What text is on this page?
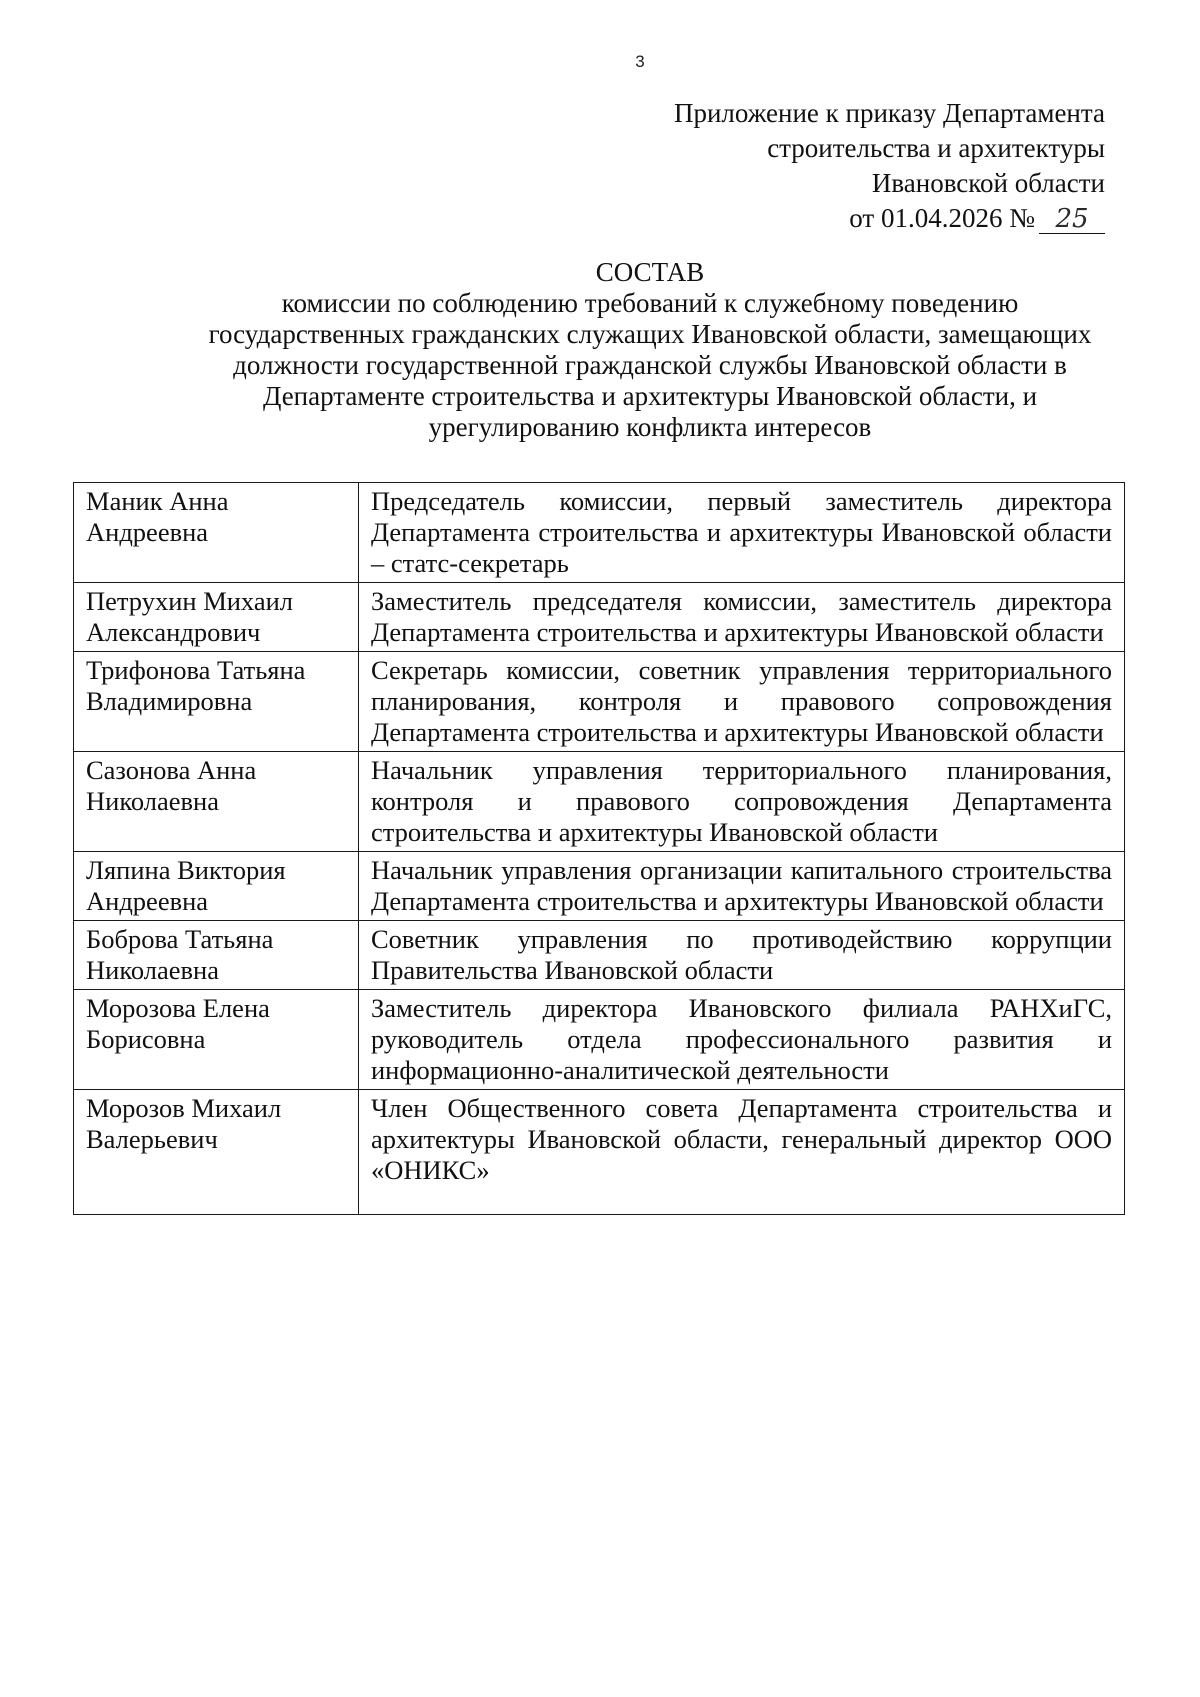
3
Приложение к приказу Департамента
строительства и архитектуры
Ивановской области
от 01.04.2026 № 25
СОСТАВ
комиссии по соблюдению требований к служебному поведению
государственных гражданских служащих Ивановской области, замещающих
должности государственной гражданской службы Ивановской области в
Департаменте строительства и архитектуры Ивановской области, и
урегулированию конфликта интересов
Маник Анна Андреевна	Председатель комиссии, первый заместитель директора Департамента строительства и архитектуры Ивановской области – статс-секретарь
Петрухин Михаил Александрович	Заместитель председателя комиссии, заместитель директора Департамента строительства и архитектуры Ивановской области
Трифонова Татьяна Владимировна	Секретарь комиссии, советник управления территориального планирования, контроля и правового сопровождения Департамента строительства и архитектуры Ивановской области
Сазонова Анна Николаевна	Начальник управления территориального планирования, контроля и правового сопровождения Департамента строительства и архитектуры Ивановской области
Ляпина Виктория Андреевна	Начальник управления организации капитального строительства Департамента строительства и архитектуры Ивановской области
Боброва Татьяна Николаевна	Советник управления по противодействию коррупции Правительства Ивановской области
Морозова Елена Борисовна	Заместитель директора Ивановского филиала РАНХиГС, руководитель отдела профессионального развития и информационно-аналитической деятельности
Морозов Михаил Валерьевич	Член Общественного совета Департамента строительства и архитектуры Ивановской области, генеральный директор ООО «ОНИКС»
